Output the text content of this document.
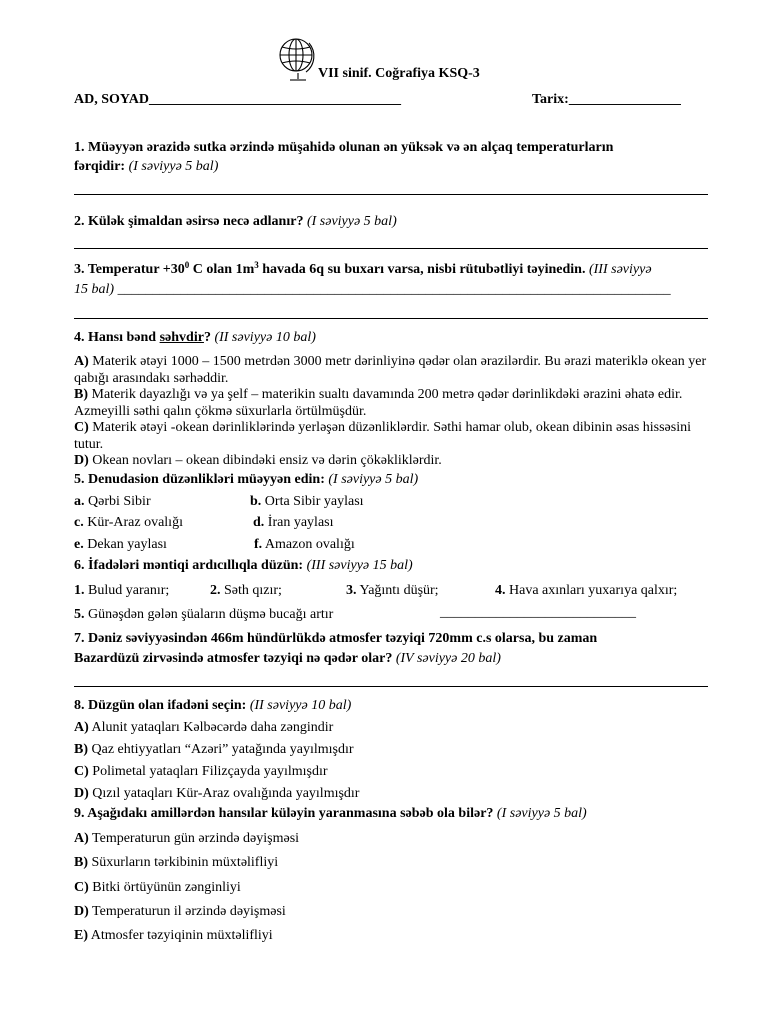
VII sinif. Coğrafiya KSQ-3
AD, SOYAD____________________________________	Tarix:________________
1. Müəyyən ərazidə sutka ərzində müşahidə olunan ən yüksək və ən alçaq temperaturların
fərqidir: (I səviyyə 5 bal)
2. Külək şimaldan əsirsə necə adlanır? (I səviyyə 5 bal)
3. Temperatur $+30^0$ C olan $1m^3$ havada 6q su buxarı varsa, nisbi rütubətliyi təyinedin. (III səviyyə
15 bal) _______________________________________________________________________________
4. Hansı bənd səhvdir? (II səviyyə 10 bal)
A) Materik ətəyi 1000 – 1500 metrdən 3000 metr dərinliyinə qədər olan ərazilərdir. Bu ərazi materiklə okean yer qabığı arasındakı sərhəddir.
B) Materik dayazlığı və ya şelf – materikin sualtı davamında 200 metrə qədər dərinlikdəki ərazini əhatə edir. Azmeyilli səthi qalın çökmə süxurlarla örtülmüşdür.
C) Materik ətəyi -okean dərinliklərində yerləşən düzənliklərdir. Səthi hamar olub, okean dibinin əsas hissəsini tutur.
D) Okean novları – okean dibindəki ensiz və dərin çökəkliklərdir.
5. Denudasion düzənlikləri müəyyən edin: (I səviyyə 5 bal)
a. Qərbi Sibir	b. Orta Sibir yaylası
c. Kür-Araz ovalığı	d. İran yaylası
e. Dekan yaylası	f. Amazon ovalığı
6. İfadələri məntiqi ardıcıllıqla düzün: (III səviyyə 15 bal)
1. Bulud yaranır;	2. Səth qızır;	3. Yağıntı düşür;	4. Hava axınları yuxarıya qalxır;
5. Günəşdən gələn şüaların düşmə bucağı artır	____________________________
7. Dəniz səviyyəsindən 466m hündürlükdə atmosfer təzyiqi 720mm c.s olarsa, bu zaman
Bazardüzü zirvəsində atmosfer təzyiqi nə qədər olar? (IV səviyyə 20 bal)
8. Düzgün olan ifadəni seçin: (II səviyyə 10 bal)
A) Alunit yataqları Kəlbəcərdə daha zəngindir
B) Qaz ehtiyyatları “Azəri” yatağında yayılmışdır
C) Polimetal yataqları Filizçayda yayılmışdır
D) Qızıl yataqları Kür-Araz ovalığında yayılmışdır
9. Aşağıdakı amillərdən hansılar küləyin yaranmasına səbəb ola bilər? (I səviyyə 5 bal)
A) Temperaturun gün ərzində dəyişməsi
B) Süxurların tərkibinin müxtəlifliyi
C) Bitki örtüyünün zənginliyi
D) Temperaturun il ərzində dəyişməsi
E) Atmosfer təzyiqinin müxtəlifliyi
